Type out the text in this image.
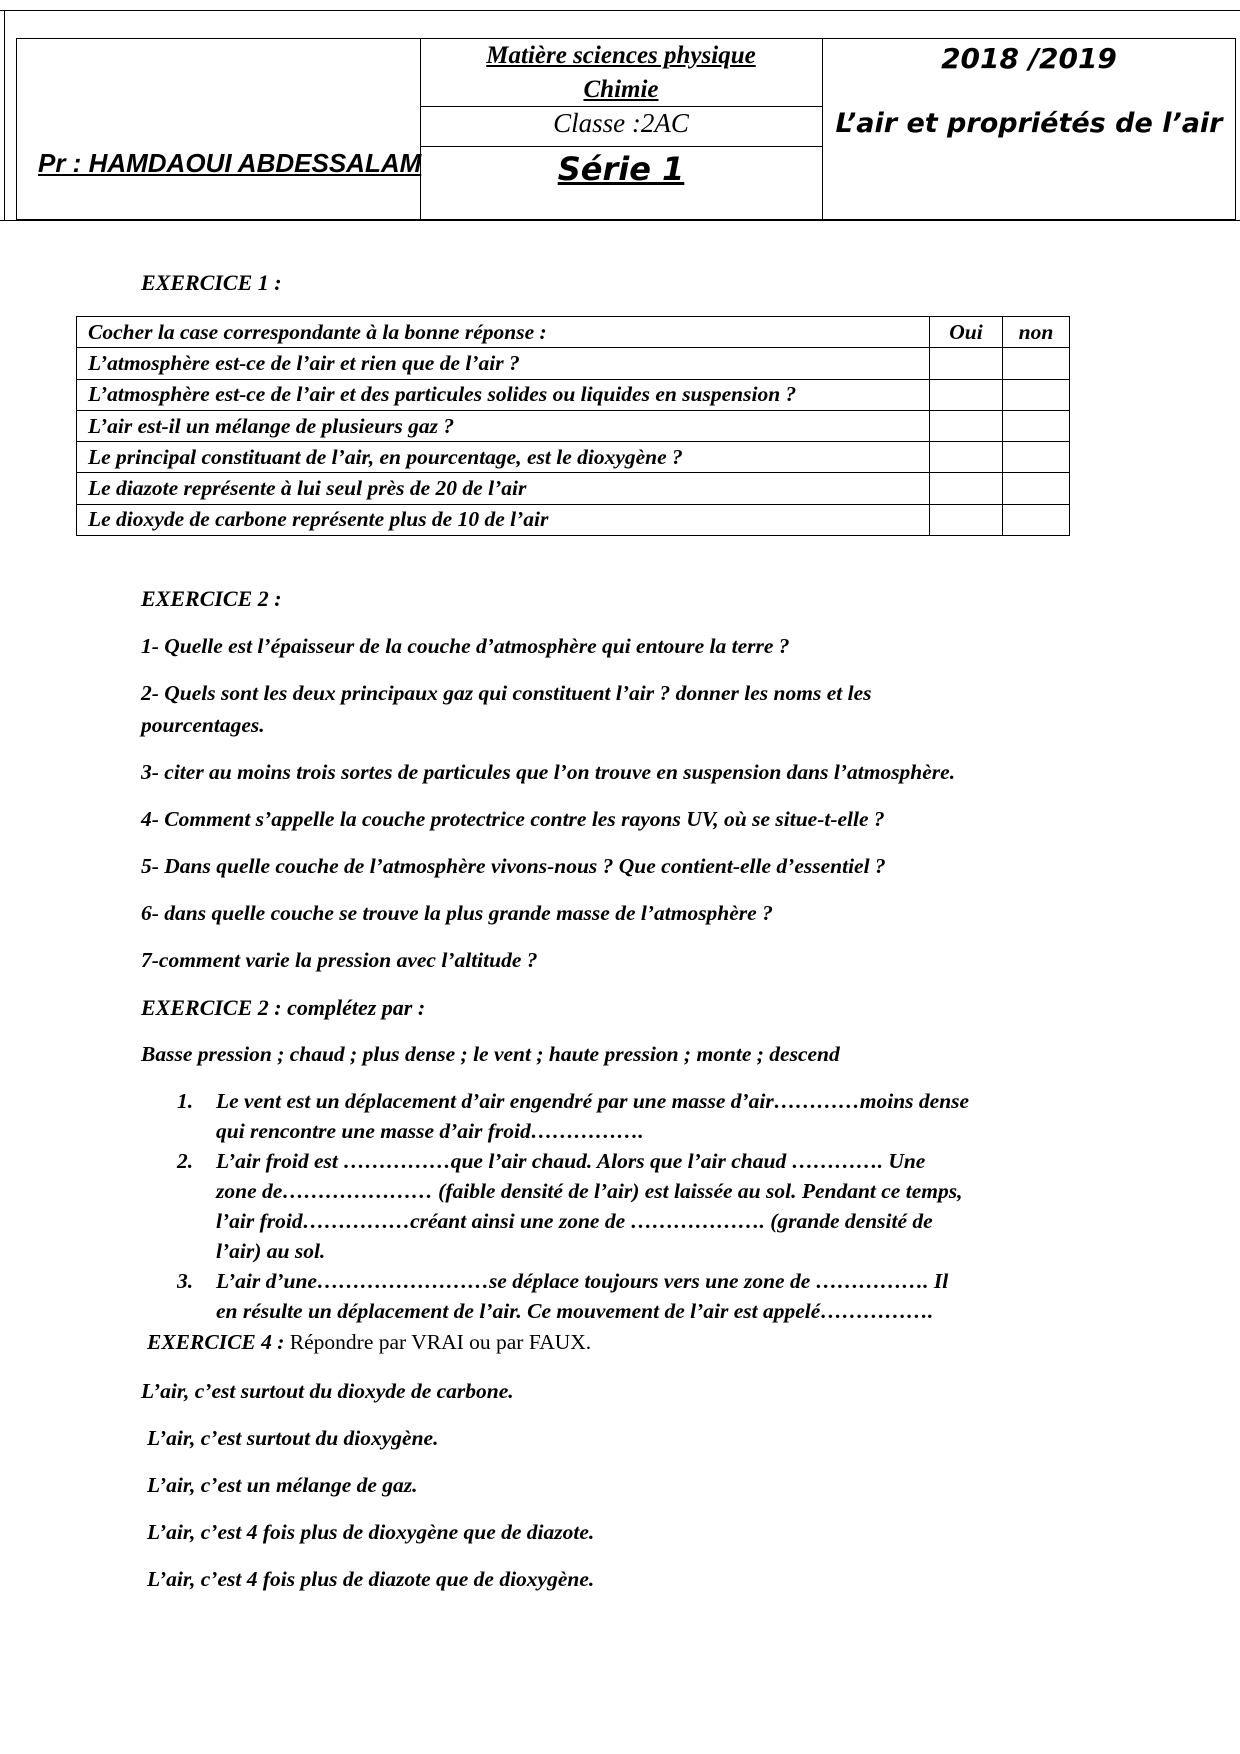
Pr : HAMDAOUI ABDESSALAM
Matière sciences physique
Chimie
Classe :2AC
Série 1
2018 /2019
L’air et propriétés de l’air
EXERCICE 1 :
Cocher la case correspondante à la bonne réponse :	Oui	non
L’atmosphère est-ce de l’air et rien que de l’air ?		
L’atmosphère est-ce de l’air et des particules solides ou liquides en suspension ?		
L’air est-il un mélange de plusieurs gaz ?		
Le principal constituant de l’air, en pourcentage, est le dioxygène ?		
Le diazote représente à lui seul près de 20 de l’air		
Le dioxyde de carbone représente plus de 10 de l’air		
EXERCICE 2 :
1- Quelle est l’épaisseur de la couche d’atmosphère qui entoure la terre ?
2- Quels sont les deux principaux gaz qui constituent l’air ? donner les noms et les
pourcentages.
3- citer au moins trois sortes de particules que l’on trouve en suspension dans l’atmosphère.
4- Comment s’appelle la couche protectrice contre les rayons UV, où se situe-t-elle ?
5- Dans quelle couche de l’atmosphère vivons-nous ? Que contient-elle d’essentiel ?
6- dans quelle couche se trouve la plus grande masse de l’atmosphère ?
7-comment varie la pression avec l’altitude ?
EXERCICE 2 : complétez par :
Basse pression ; chaud ; plus dense ; le vent ; haute pression ; monte ; descend
1. Le vent est un déplacement d’air engendré par une masse d’air…………moins dense
qui rencontre une masse d’air froid…………….
2. L’air froid est ……………que l’air chaud. Alors que l’air chaud …………. Une
zone de………………… (faible densité de l’air) est laissée au sol. Pendant ce temps,
l’air froid……………créant ainsi une zone de ………………. (grande densité de
l’air) au sol.
3. L’air d’une……………………se déplace toujours vers une zone de ……………. Il
en résulte un déplacement de l’air. Ce mouvement de l’air est appelé…………….
EXERCICE 4 : Répondre par VRAI ou par FAUX.
L’air, c’est surtout du dioxyde de carbone.
L’air, c’est surtout du dioxygène.
L’air, c’est un mélange de gaz.
L’air, c’est 4 fois plus de dioxygène que de diazote.
L’air, c’est 4 fois plus de diazote que de dioxygène.
